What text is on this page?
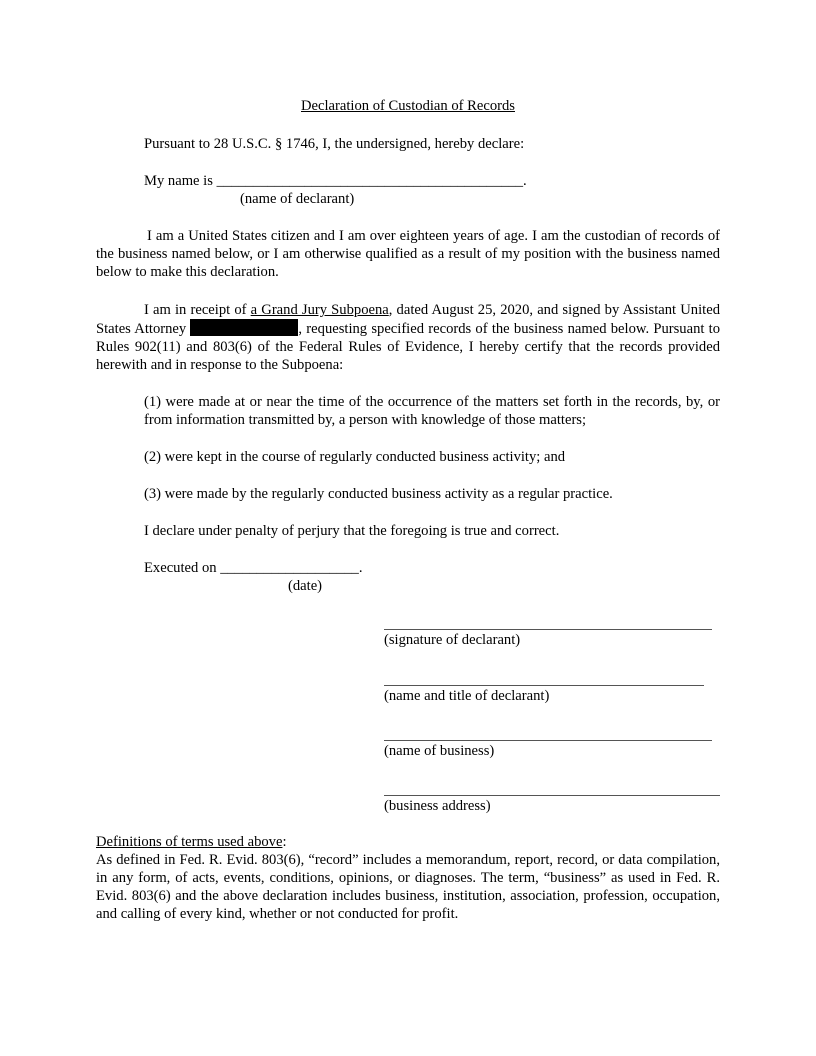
Declaration of Custodian of Records
Pursuant to 28 U.S.C. § 1746, I, the undersigned, hereby declare:
My name is __________________________________________.
(name of declarant)
I am a United States citizen and I am over eighteen years of age. I am the custodian of records of the business named below, or I am otherwise qualified as a result of my position with the business named below to make this declaration.
I am in receipt of a Grand Jury Subpoena, dated August 25, 2020, and signed by Assistant United States Attorney	, requesting specified records of the business named below. Pursuant to Rules 902(11) and 803(6) of the Federal Rules of Evidence, I hereby certify that the records provided herewith and in response to the Subpoena:
(1) were made at or near the time of the occurrence of the matters set forth in the records, by, or from information transmitted by, a person with knowledge of those matters;
(2) were kept in the course of regularly conducted business activity; and
(3) were made by the regularly conducted business activity as a regular practice.
I declare under penalty of perjury that the foregoing is true and correct.
Executed on ___________________.
(date)
(signature of declarant)
(name and title of declarant)
(name of business)
(business address)
Definitions of terms used above:
As defined in Fed. R. Evid. 803(6), “record” includes a memorandum, report, record, or data compilation, in any form, of acts, events, conditions, opinions, or diagnoses. The term, “business” as used in Fed. R. Evid. 803(6) and the above declaration includes business, institution, association, profession, occupation, and calling of every kind, whether or not conducted for profit.
